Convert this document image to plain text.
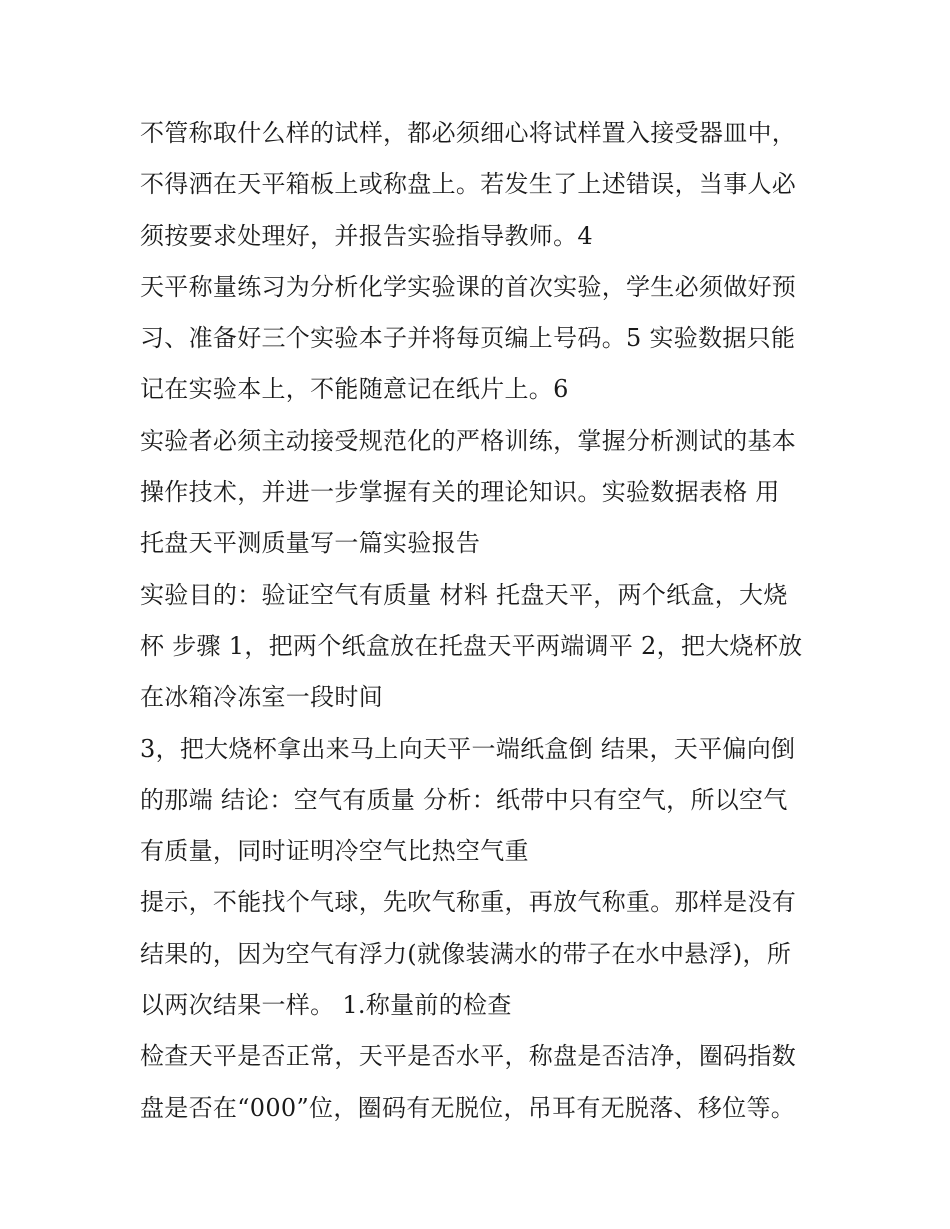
不管称取什么样的试样，都必须细心将试样置入接受器皿中，
不得洒在天平箱板上或称盘上。若发生了上述错误，当事人必
须按要求处理好，并报告实验指导教师。4
天平称量练习为分析化学实验课的首次实验，学生必须做好预
习、准备好三个实验本子并将每页编上号码。5 实验数据只能
记在实验本上，不能随意记在纸片上。6
实验者必须主动接受规范化的严格训练，掌握分析测试的基本
操作技术，并进一步掌握有关的理论知识。实验数据表格 用
托盘天平测质量写一篇实验报告
实验目的：验证空气有质量 材料 托盘天平，两个纸盒，大烧
杯 步骤 1，把两个纸盒放在托盘天平两端调平 2，把大烧杯放
在冰箱冷冻室一段时间
3，把大烧杯拿出来马上向天平一端纸盒倒 结果，天平偏向倒
的那端 结论：空气有质量 分析：纸带中只有空气，所以空气
有质量，同时证明冷空气比热空气重
提示，不能找个气球，先吹气称重，再放气称重。那样是没有
结果的，因为空气有浮力(就像装满水的带子在水中悬浮)，所
以两次结果一样。 1.称量前的检查
检查天平是否正常，天平是否水平，称盘是否洁净，圈码指数
盘是否在“000”位，圈码有无脱位，吊耳有无脱落、移位等。
